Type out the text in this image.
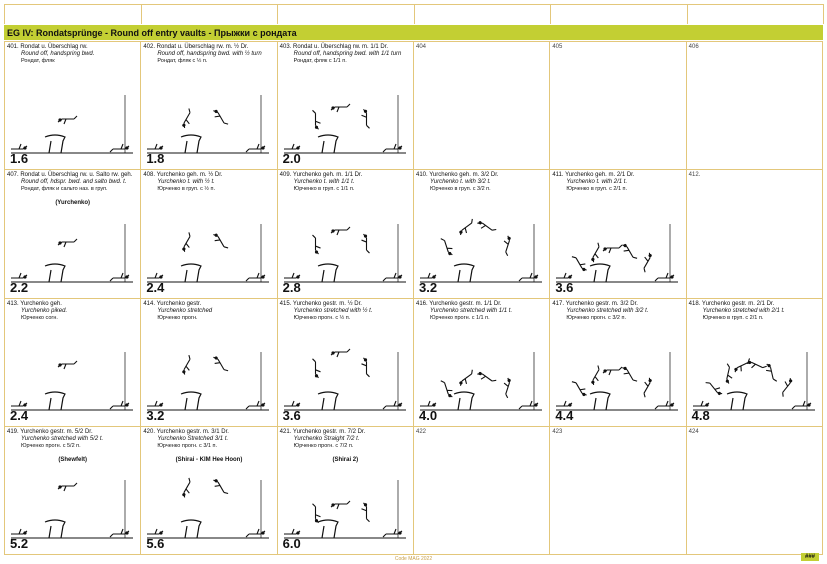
EG IV: Rondatsprünge - Round off entry vaults - Прыжки с рондата
401. Rondat u. Überschlag rw.
Round off, handspring bwd.
Рондат, фляк
1.6
402. Rondat u. Überschlag rw. m. ½ Dr.
Round off, handspring bwd. with ½ turn
Рондат, фляк с ½ п.
1.8
403. Rondat u. Überschlag rw. m. 1/1 Dr.
Round off, handspring bwd. with 1/1 turn
Рондат, фляк с 1/1 п.
2.0
404	405	406
407. Rondat u. Überschlag rw. u. Salto rw. geh.
Round off, hdspr. bwd. and salto bwd. t.
Рондат, фляк и сальто наз. в груп.
(Yurchenko)
2.2
408. Yurchenko geh. m. ½ Dr.
Yurchenko t. with ½ t.
Юрченко в груп. с ½ п.
2.4
409. Yurchenko geh. m. 1/1 Dr.
Yurchenko t. with 1/1 t.
Юрченко в груп. с 1/1 п.
2.8
410. Yurchenko geh. m. 3/2 Dr.
Yurchenko t. with 3/2 t.
Юрченко в груп. с 3/2 п.
3.2
411. Yurchenko geh. m. 2/1 Dr.
Yurchenko t. with 2/1 t.
Юрченко в груп. с 2/1 п.
3.6
412.
413. Yurchenko geh.
Yurchenko piked.
Юрченко согн.
2.4
414. Yurchenko gestr.
Yurchenko stretched
Юрченко прогн.
3.2
415. Yurchenko gestr. m. ½ Dr.
Yurchenko stretched with ½ t.
Юрченко прогн. с ½ п.
3.6
416. Yurchenko gestr. m. 1/1 Dr.
Yurchenko stretched with 1/1 t.
Юрченко прогн. с 1/1 п.
4.0
417. Yurchenko gestr. m. 3/2 Dr.
Yurchenko stretched with 3/2 t.
Юрченко прогн. с 3/2 п.
4.4
418. Yurchenko gestr. m. 2/1 Dr.
Yurchenko stretched with 2/1 t.
Юрченко в груп. с 2/1 п.
4.8
419. Yurchenko gestr. m. 5/2 Dr.
Yurchenko stretched with 5/2 t.
Юрченко прогн. с 5/2 п.
(Shewfelt)
5.2
420. Yurchenko gestr. m. 3/1 Dr.
Yurchenko Stretched 3/1 t.
Юрченко прогн. с 3/1 п.
(Shirai - KIM Hee Hoon)
5.6
421. Yurchenko gestr. m. 7/2 Dr.
Yurchenko Straight 7/2 t.
Юрченко прогн. с 7/2 п.
(Shirai 2)
6.0
422	423	424
Code MAG 2022	###
